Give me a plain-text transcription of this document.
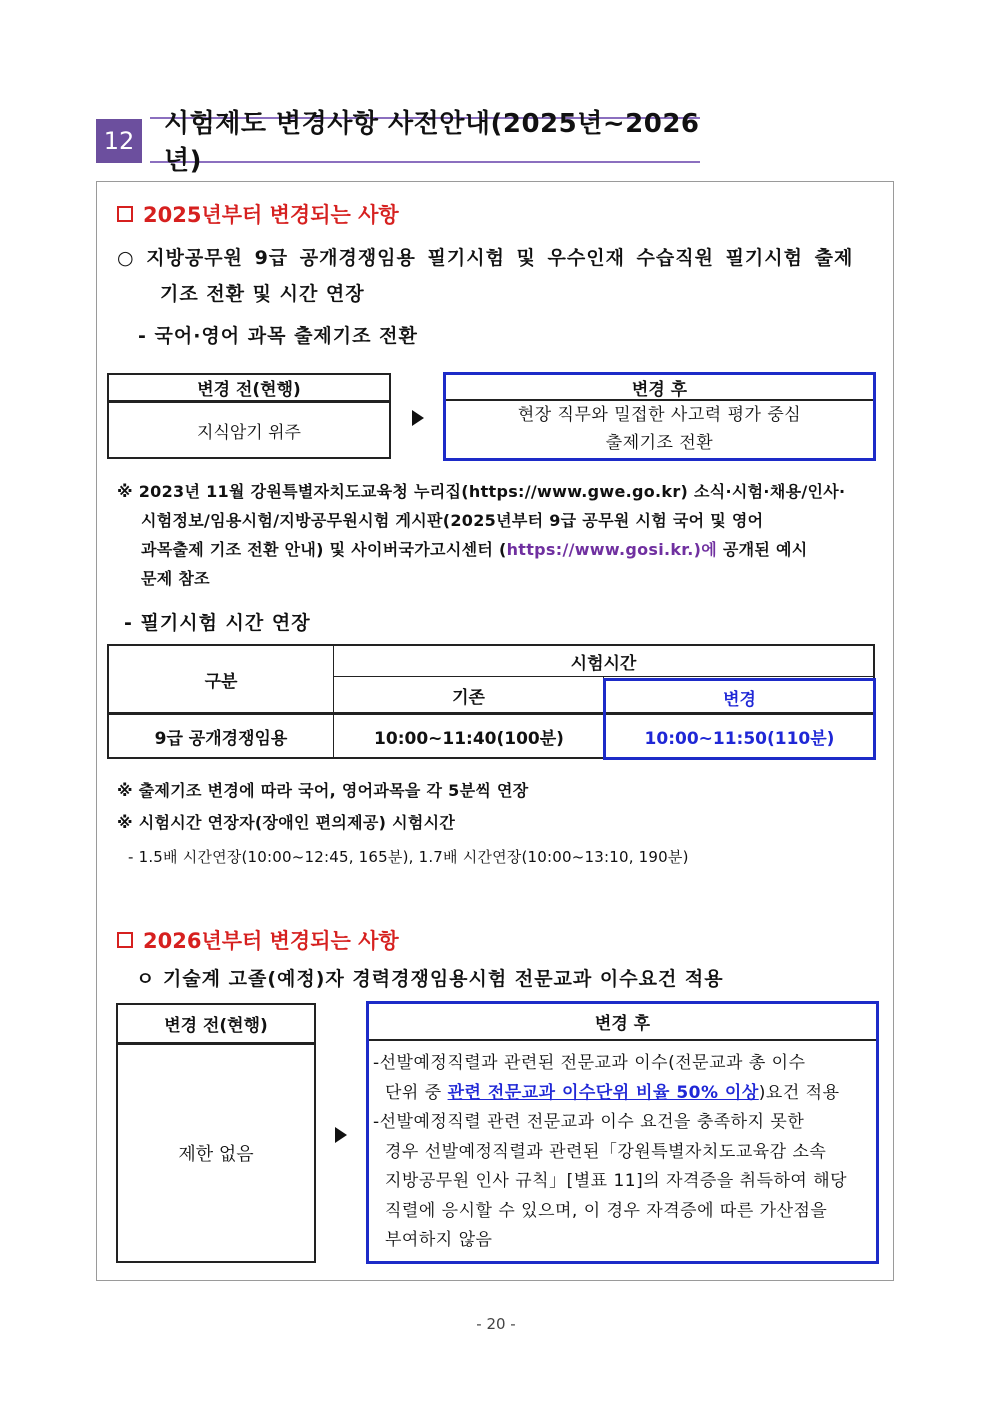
12
시험제도 변경사항 사전안내(2025년~2026년)
2025년부터 변경되는 사항
○ 지방공무원 9급 공개경쟁임용 필기시험 및 우수인재 수습직원 필기시험 출제
기조 전환 및 시간 연장
- 국어·영어 과목 출제기조 전환
변경 전(현행)
지식암기 위주
변경 후
현장 직무와 밀접한 사고력 평가 중심
출제기조 전환
※ 2023년 11월 강원특별자치도교육청 누리집(https://www.gwe.go.kr) 소식·시험·채용/인사·
시험정보/임용시험/지방공무원시험 게시판(2025년부터 9급 공무원 시험 국어 및 영어
과목출제 기조 전환 안내) 및 사이버국가고시센터 (https://www.gosi.kr.)에 공개된 예시
문제 참조
- 필기시험 시간 연장
구분
시험시간
기존
9급 공개경쟁임용	10:00~11:40(100분)
변경
10:00~11:50(110분)
※ 출제기조 변경에 따라 국어, 영어과목을 각 5분씩 연장
※ 시험시간 연장자(장애인 편의제공) 시험시간
- 1.5배 시간연장(10:00~12:45, 165분), 1.7배 시간연장(10:00~13:10, 190분)
2026년부터 변경되는 사항
ㅇ 기술계 고졸(예정)자 경력경쟁임용시험 전문교과 이수요건 적용
변경 전(현행)
제한 없음
변경 후
-선발예정직렬과 관련된 전문교과 이수(전문교과 총 이수
단위 중 관련 전문교과 이수단위 비율 50% 이상)요건 적용
-선발예정직렬 관련 전문교과 이수 요건을 충족하지 못한
경우 선발예정직렬과 관련된「강원특별자치도교육감 소속
지방공무원 인사 규칙」[별표 11]의 자격증을 취득하여 해당
직렬에 응시할 수 있으며, 이 경우 자격증에 따른 가산점을
부여하지 않음
- 20 -
